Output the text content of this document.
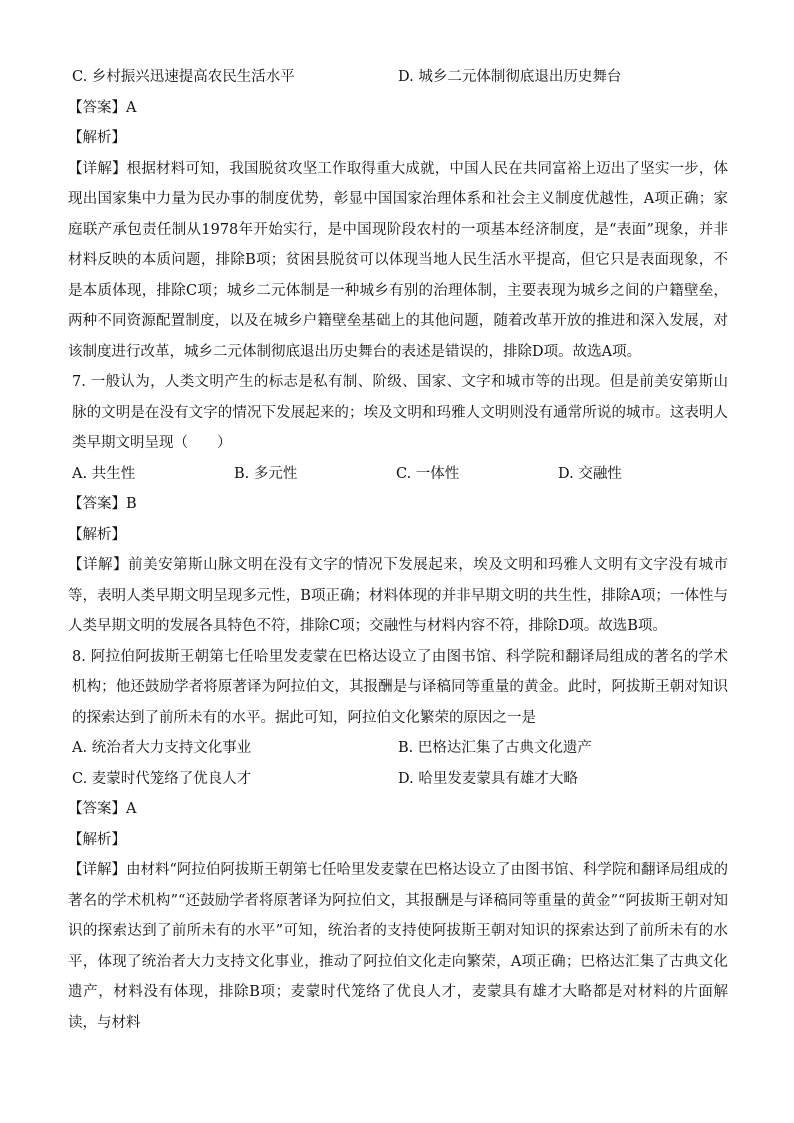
C. 乡村振兴迅速提高农民生活水平	D. 城乡二元体制彻底退出历史舞台
【答案】A
【解析】
【详解】根据材料可知，我国脱贫攻坚工作取得重大成就，中国人民在共同富裕上迈出了坚实一步，体现出国家集中力量为民办事的制度优势，彰显中国国家治理体系和社会主义制度优越性，A项正确；家庭联产承包责任制从1978年开始实行，是中国现阶段农村的一项基本经济制度，是“表面”现象，并非材料反映的本质问题，排除B项；贫困县脱贫可以体现当地人民生活水平提高，但它只是表面现象，不是本质体现，排除C项；城乡二元体制是一种城乡有别的治理体制，主要表现为城乡之间的户籍壁垒，两种不同资源配置制度，以及在城乡户籍壁垒基础上的其他问题，随着改革开放的推进和深入发展，对该制度进行改革，城乡二元体制彻底退出历史舞台的表述是错误的，排除D项。故选A项。
7. 一般认为，人类文明产生的标志是私有制、阶级、国家、文字和城市等的出现。但是前美安第斯山脉的文明是在没有文字的情况下发展起来的；埃及文明和玛雅人文明则没有通常所说的城市。这表明人类早期文明呈现（　　）
A. 共生性	B. 多元性	C. 一体性	D. 交融性
【答案】B
【解析】
【详解】前美安第斯山脉文明在没有文字的情况下发展起来，埃及文明和玛雅人文明有文字没有城市等，表明人类早期文明呈现多元性，B项正确；材料体现的并非早期文明的共生性，排除A项；一体性与人类早期文明的发展各具特色不符，排除C项；交融性与材料内容不符，排除D项。故选B项。
8. 阿拉伯阿拔斯王朝第七任哈里发麦蒙在巴格达设立了由图书馆、科学院和翻译局组成的著名的学术机构；他还鼓励学者将原著译为阿拉伯文，其报酬是与译稿同等重量的黄金。此时，阿拔斯王朝对知识的探索达到了前所未有的水平。据此可知，阿拉伯文化繁荣的原因之一是
A. 统治者大力支持文化事业	B. 巴格达汇集了古典文化遗产
C. 麦蒙时代笼络了优良人才	D. 哈里发麦蒙具有雄才大略
【答案】A
【解析】
【详解】由材料“阿拉伯阿拔斯王朝第七任哈里发麦蒙在巴格达设立了由图书馆、科学院和翻译局组成的著名的学术机构”“还鼓励学者将原著译为阿拉伯文，其报酬是与译稿同等重量的黄金”“阿拔斯王朝对知识的探索达到了前所未有的水平”可知，统治者的支持使阿拔斯王朝对知识的探索达到了前所未有的水平，体现了统治者大力支持文化事业，推动了阿拉伯文化走向繁荣，A项正确；巴格达汇集了古典文化遗产，材料没有体现，排除B项；麦蒙时代笼络了优良人才，麦蒙具有雄才大略都是对材料的片面解读，与材料
